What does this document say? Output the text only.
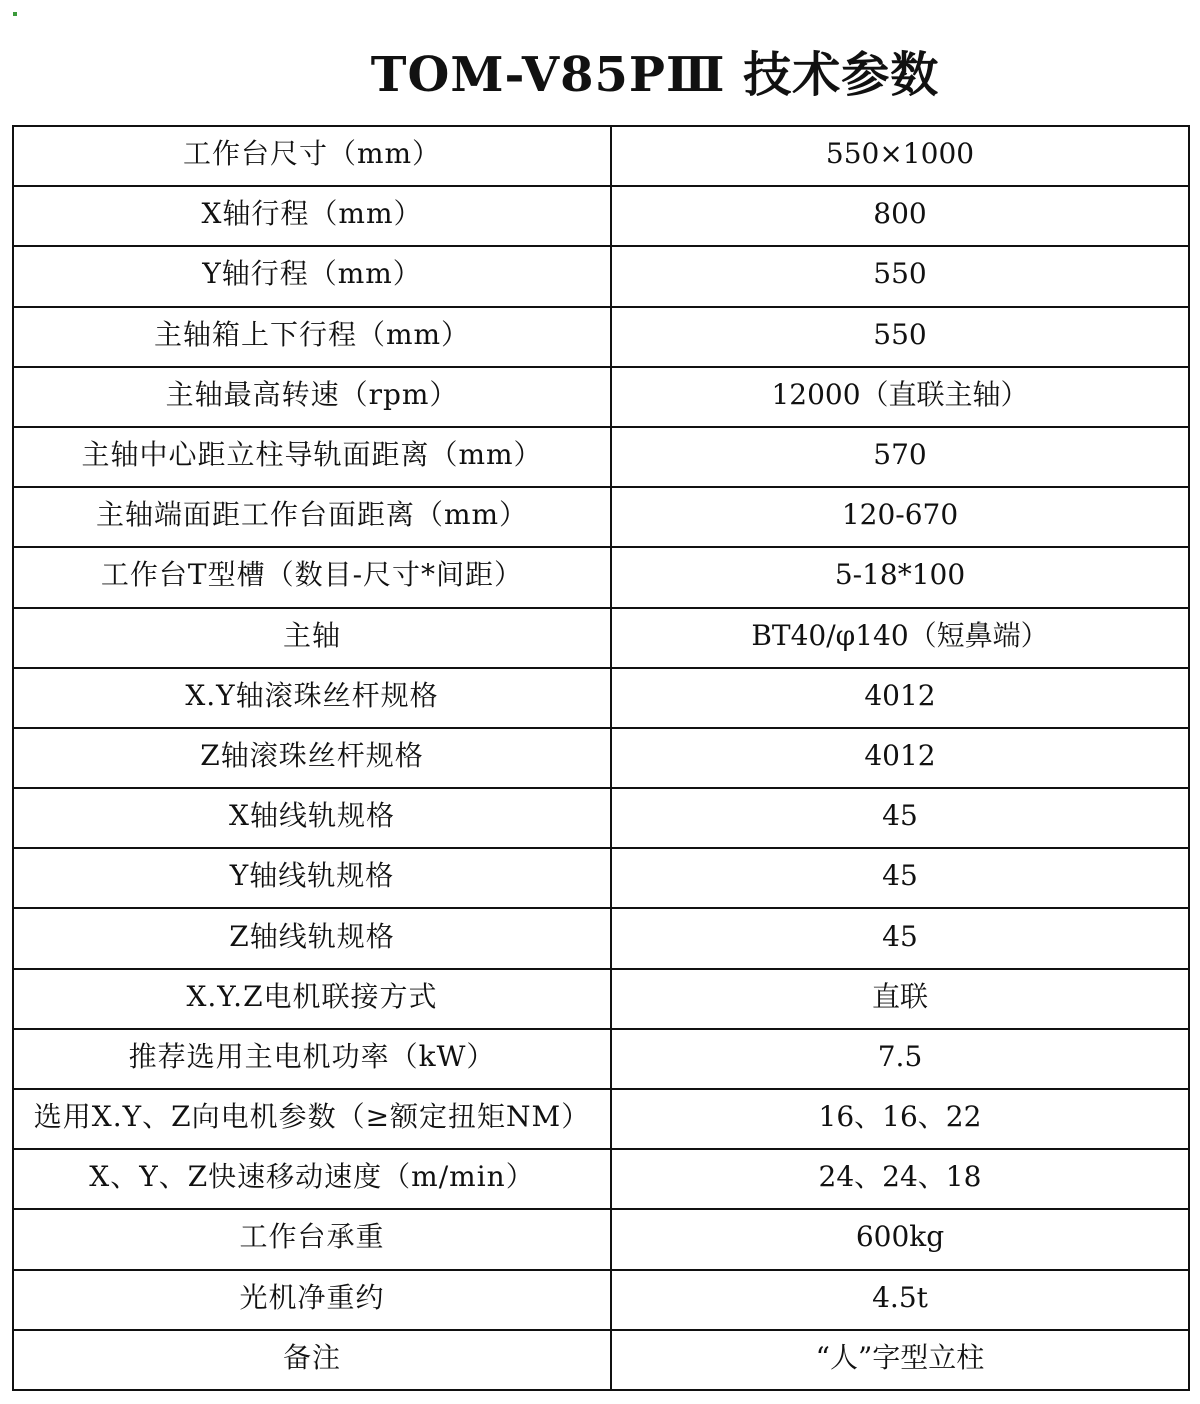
TOM-V85PⅢ 技术参数
工作台尺寸（mm）	550×1000
X轴行程（mm）	800
Y轴行程（mm）	550
主轴箱上下行程（mm）	550
主轴最高转速（rpm）	12000（直联主轴）
主轴中心距立柱导轨面距离（mm）	570
主轴端面距工作台面距离（mm）	120-670
工作台T型槽（数目-尺寸*间距）	5-18*100
主轴	BT40/φ140（短鼻端）
X.Y轴滚珠丝杆规格	4012
Z轴滚珠丝杆规格	4012
X轴线轨规格	45
Y轴线轨规格	45
Z轴线轨规格	45
X.Y.Z电机联接方式	直联
推荐选用主电机功率（kW）	7.5
选用X.Y、Z向电机参数（≥额定扭矩NM）	16、16、22
X、Y、Z快速移动速度（m/min）	24、24、18
工作台承重	600kg
光机净重约	4.5t
备注	“人”字型立柱
